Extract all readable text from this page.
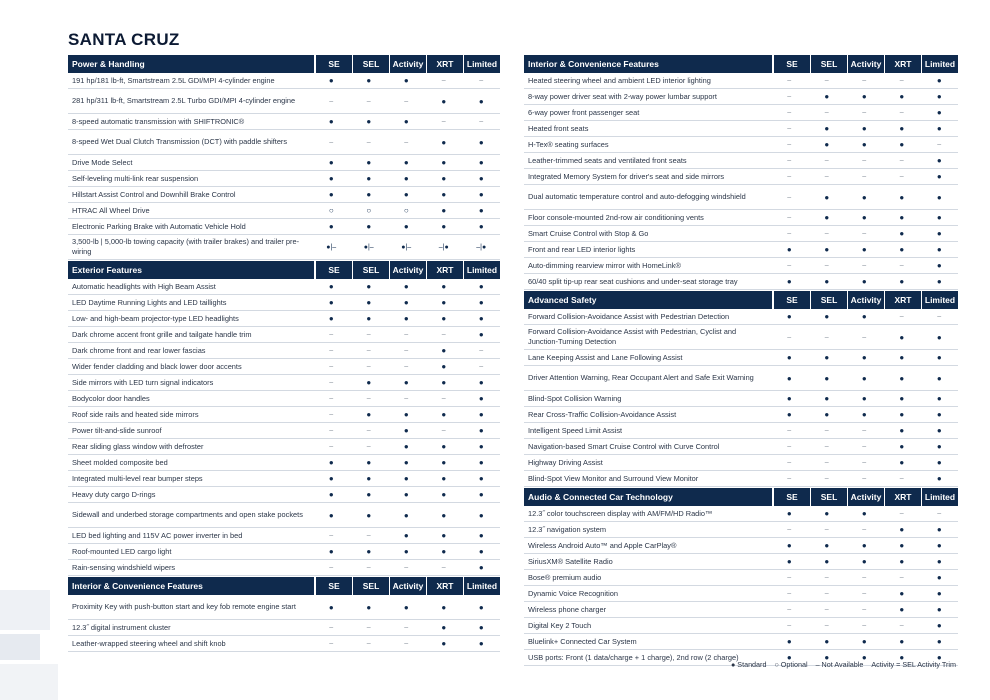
SANTA CRUZ
Power & Handling	SE	SEL	Activity	XRT	Limited
191 hp/181 lb-ft, Smartstream 2.5L GDI/MPI 4-cylinder engine	●	●	●	–	–
281 hp/311 lb-ft, Smartstream 2.5L Turbo GDI/MPI 4-cylinder engine	–	–	–	●	●
8-speed automatic transmission with SHIFTRONIC®	●	●	●	–	–
8-speed Wet Dual Clutch Transmission (DCT) with paddle shifters	–	–	–	●	●
Drive Mode Select	●	●	●	●	●
Self-leveling multi-link rear suspension	●	●	●	●	●
Hillstart Assist Control and Downhill Brake Control	●	●	●	●	●
HTRAC All Wheel Drive	○	○	○	●	●
Electronic Parking Brake with Automatic Vehicle Hold	●	●	●	●	●
3,500-lb | 5,000-lb towing capacity (with trailer brakes) and trailer pre-wiring	●|–	●|–	●|–	–|●	–|●
Exterior Features	SE	SEL	Activity	XRT	Limited
Automatic headlights with High Beam Assist	●	●	●	●	●
LED Daytime Running Lights and LED taillights	●	●	●	●	●
Low- and high-beam projector-type LED headlights	●	●	●	●	●
Dark chrome accent front grille and tailgate handle trim	–	–	–	–	●
Dark chrome front and rear lower fascias	–	–	–	●	–
Wider fender cladding and black lower door accents	–	–	–	●	–
Side mirrors with LED turn signal indicators	–	●	●	●	●
Bodycolor door handles	–	–	–	–	●
Roof side rails and heated side mirrors	–	●	●	●	●
Power tilt-and-slide sunroof	–	–	●	–	●
Rear sliding glass window with defroster	–	–	●	●	●
Sheet molded composite bed	●	●	●	●	●
Integrated multi-level rear bumper steps	●	●	●	●	●
Heavy duty cargo D-rings	●	●	●	●	●
Sidewall and underbed storage compartments and open stake pockets	●	●	●	●	●
LED bed lighting and 115V AC power inverter in bed	–	–	●	●	●
Roof-mounted LED cargo light	●	●	●	●	●
Rain-sensing windshield wipers	–	–	–	–	●
Interior & Convenience Features	SE	SEL	Activity	XRT	Limited
Proximity Key with push-button start and key fob remote engine start	●	●	●	●	●
12.3˝ digital instrument cluster	–	–	–	●	●
Leather-wrapped steering wheel and shift knob	–	–	–	●	●
Interior & Convenience Features	SE	SEL	Activity	XRT	Limited
Heated steering wheel and ambient LED interior lighting	–	–	–	–	●
8-way power driver seat with 2-way power lumbar support	–	●	●	●	●
6-way power front passenger seat	–	–	–	–	●
Heated front seats	–	●	●	●	●
H-Tex® seating surfaces	–	●	●	●	–
Leather-trimmed seats and ventilated front seats	–	–	–	–	●
Integrated Memory System for driver's seat and side mirrors	–	–	–	–	●
Dual automatic temperature control and auto-defogging windshield	–	●	●	●	●
Floor console-mounted 2nd-row air conditioning vents	–	●	●	●	●
Smart Cruise Control with Stop & Go	–	–	–	●	●
Front and rear LED interior lights	●	●	●	●	●
Auto-dimming rearview mirror with HomeLink®	–	–	–	–	●
60/40 split tip-up rear seat cushions and under-seat storage tray	●	●	●	●	●
Advanced Safety	SE	SEL	Activity	XRT	Limited
Forward Collision-Avoidance Assist with Pedestrian Detection	●	●	●	–	–
Forward Collision-Avoidance Assist with Pedestrian, Cyclist and Junction-Turning Detection	–	–	–	●	●
Lane Keeping Assist and Lane Following Assist	●	●	●	●	●
Driver Attention Warning, Rear Occupant Alert and Safe Exit Warning	●	●	●	●	●
Blind-Spot Collision Warning	●	●	●	●	●
Rear Cross-Traffic Collision-Avoidance Assist	●	●	●	●	●
Intelligent Speed Limit Assist	–	–	–	●	●
Navigation-based Smart Cruise Control with Curve Control	–	–	–	●	●
Highway Driving Assist	–	–	–	●	●
Blind-Spot View Monitor and Surround View Monitor	–	–	–	–	●
Audio & Connected Car Technology	SE	SEL	Activity	XRT	Limited
12.3˝ color touchscreen display with AM/FM/HD Radio™	●	●	●	–	–
12.3˝ navigation system	–	–	–	●	●
Wireless Android Auto™ and Apple CarPlay®	●	●	●	●	●
SiriusXM® Satellite Radio	●	●	●	●	●
Bose® premium audio	–	–	–	–	●
Dynamic Voice Recognition	–	–	–	●	●
Wireless phone charger	–	–	–	●	●
Digital Key 2 Touch	–	–	–	–	●
Bluelink+ Connected Car System	●	●	●	●	●
USB ports: Front (1 data/charge + 1 charge), 2nd row (2 charge)	●	●	●	●	●
● Standard ○ Optional – Not Available Activity = SEL Activity Trim
